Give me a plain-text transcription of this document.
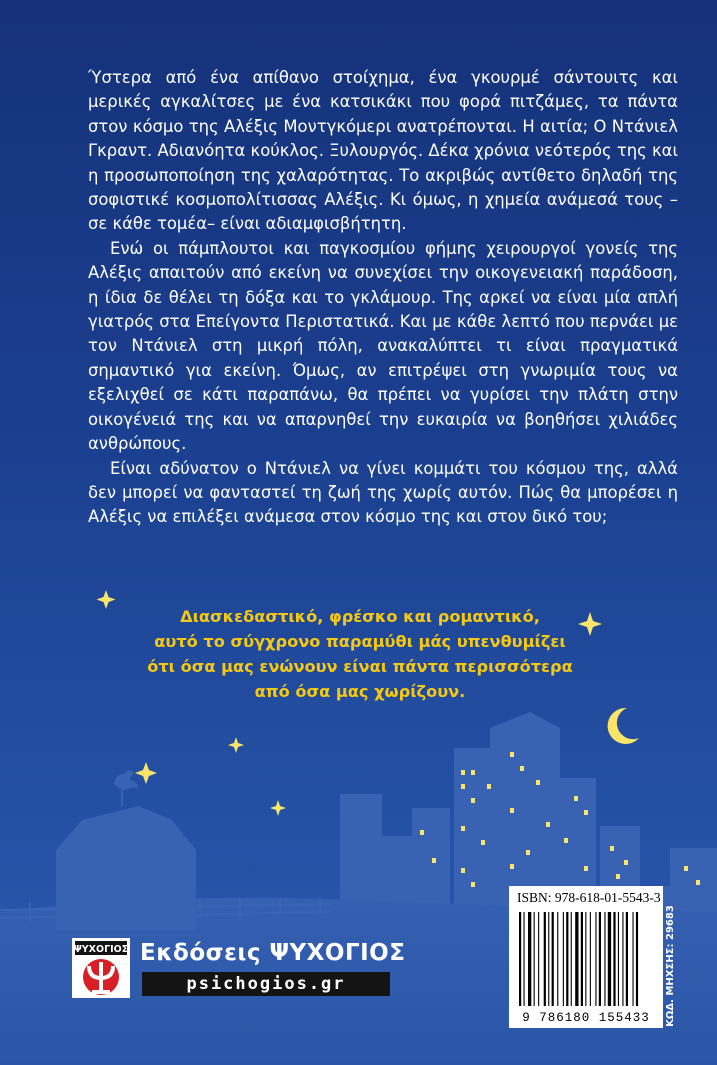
Ύστερα από ένα απίθανο στοίχημα, ένα γκουρμέ σάντουιτς και μερικές αγκαλίτσες με ένα κατσικάκι που φορά πιτζάμες, τα πάντα στον κόσμο της Αλέξις Μοντγκόμερι ανατρέπονται. Η αιτία; Ο Ντάνιελ Γκραντ. Αδιανόητα κούκλος. Ξυλουργός. Δέκα χρόνια νεότερός της και η προσωποποίηση της χαλαρότητας. Το ακριβώς αντίθετο δηλαδή της σοφιστικέ κοσμοπολίτισσας Αλέξις. Κι όμως, η χημεία ανάμεσά τους –σε κάθε τομέα– είναι αδιαμφισβήτητη.

Ενώ οι πάμπλουτοι και παγκοσμίου φήμης χειρουργοί γονείς της Αλέξις απαιτούν από εκείνη να συνεχίσει την οικογενειακή παράδοση, η ίδια δε θέλει τη δόξα και το γκλάμουρ. Της αρκεί να είναι μία απλή γιατρός στα Επείγοντα Περιστατικά. Και με κάθε λεπτό που περνάει με τον Ντάνιελ στη μικρή πόλη, ανακαλύπτει τι είναι πραγματικά σημαντικό για εκείνη. Όμως, αν επιτρέψει στη γνωριμία τους να εξελιχθεί σε κάτι παραπάνω, θα πρέπει να γυρίσει την πλάτη στην οικογένειά της και να απαρνηθεί την ευκαιρία να βοηθήσει χιλιάδες ανθρώπους.

Είναι αδύνατον ο Ντάνιελ να γίνει κομμάτι του κόσμου της, αλλά δεν μπορεί να φανταστεί τη ζωή της χωρίς αυτόν. Πώς θα μπορέσει η Αλέξις να επιλέξει ανάμεσα στον κόσμο της και στον δικό του;

Διασκεδαστικό, φρέσκο και ρομαντικό,
αυτό το σύγχρονο παραμύθι μάς υπενθυμίζει
ότι όσα μας ενώνουν είναι πάντα περισσότερα
από όσα μας χωρίζουν.
ΨΥΧΟΓΙΟΣ Εκδόσεις ΨΥΧΟΓΙΟΣ
psichogios.gr
ISBN: 978-618-01-5543-3
9 786180 155433 ΚΩΔ. ΜΗΧΣΗΣ: 29683
